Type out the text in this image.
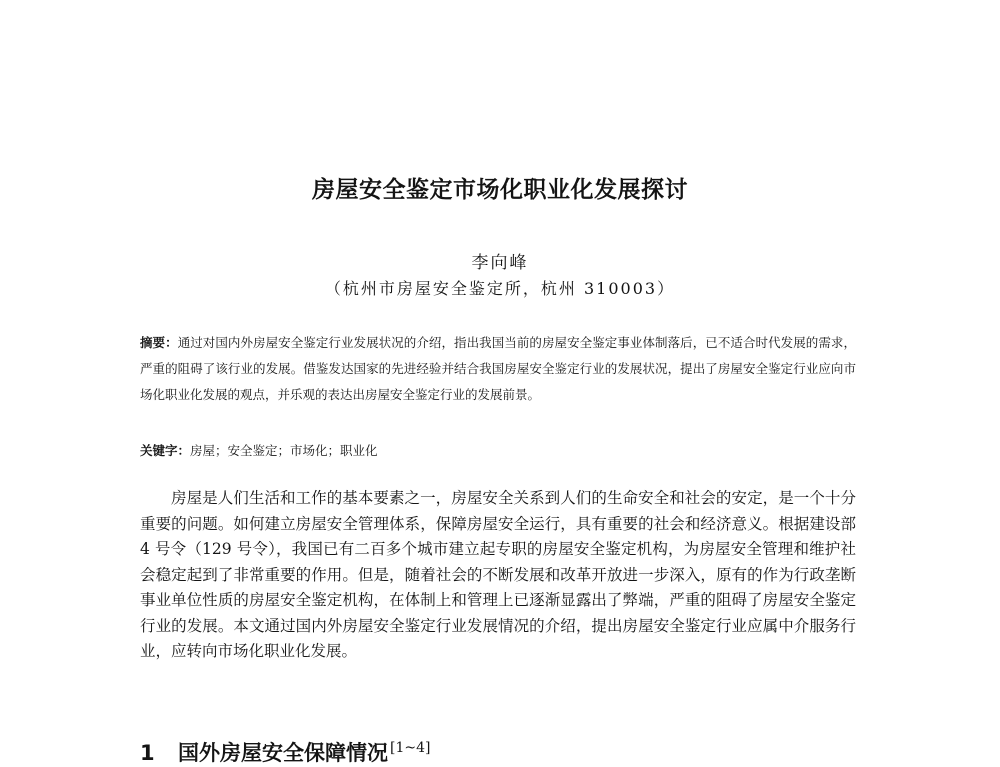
房屋安全鉴定市场化职业化发展探讨
李向峰
（杭州市房屋安全鉴定所，杭州 310003）
摘要：通过对国内外房屋安全鉴定行业发展状况的介绍，指出我国当前的房屋安全鉴定事业体制落后，已不适合时代发展的需求，严重的阻碍了该行业的发展。借鉴发达国家的先进经验并结合我国房屋安全鉴定行业的发展状况，提出了房屋安全鉴定行业应向市场化职业化发展的观点，并乐观的表达出房屋安全鉴定行业的发展前景。
关键字：房屋；安全鉴定；市场化；职业化

房屋是人们生活和工作的基本要素之一，房屋安全关系到人们的生命安全和社会的安定，是一个十分重要的问题。如何建立房屋安全管理体系，保障房屋安全运行，具有重要的社会和经济意义。根据建设部 4 号令（129 号令），我国已有二百多个城市建立起专职的房屋安全鉴定机构，为房屋安全管理和维护社会稳定起到了非常重要的作用。但是，随着社会的不断发展和改革开放进一步深入，原有的作为行政垄断事业单位性质的房屋安全鉴定机构，在体制上和管理上已逐渐显露出了弊端，严重的阻碍了房屋安全鉴定行业的发展。本文通过国内外房屋安全鉴定行业发展情况的介绍，提出房屋安全鉴定行业应属中介服务行业，应转向市场化职业化发展。

1 国外房屋安全保障情况 [1~4]
